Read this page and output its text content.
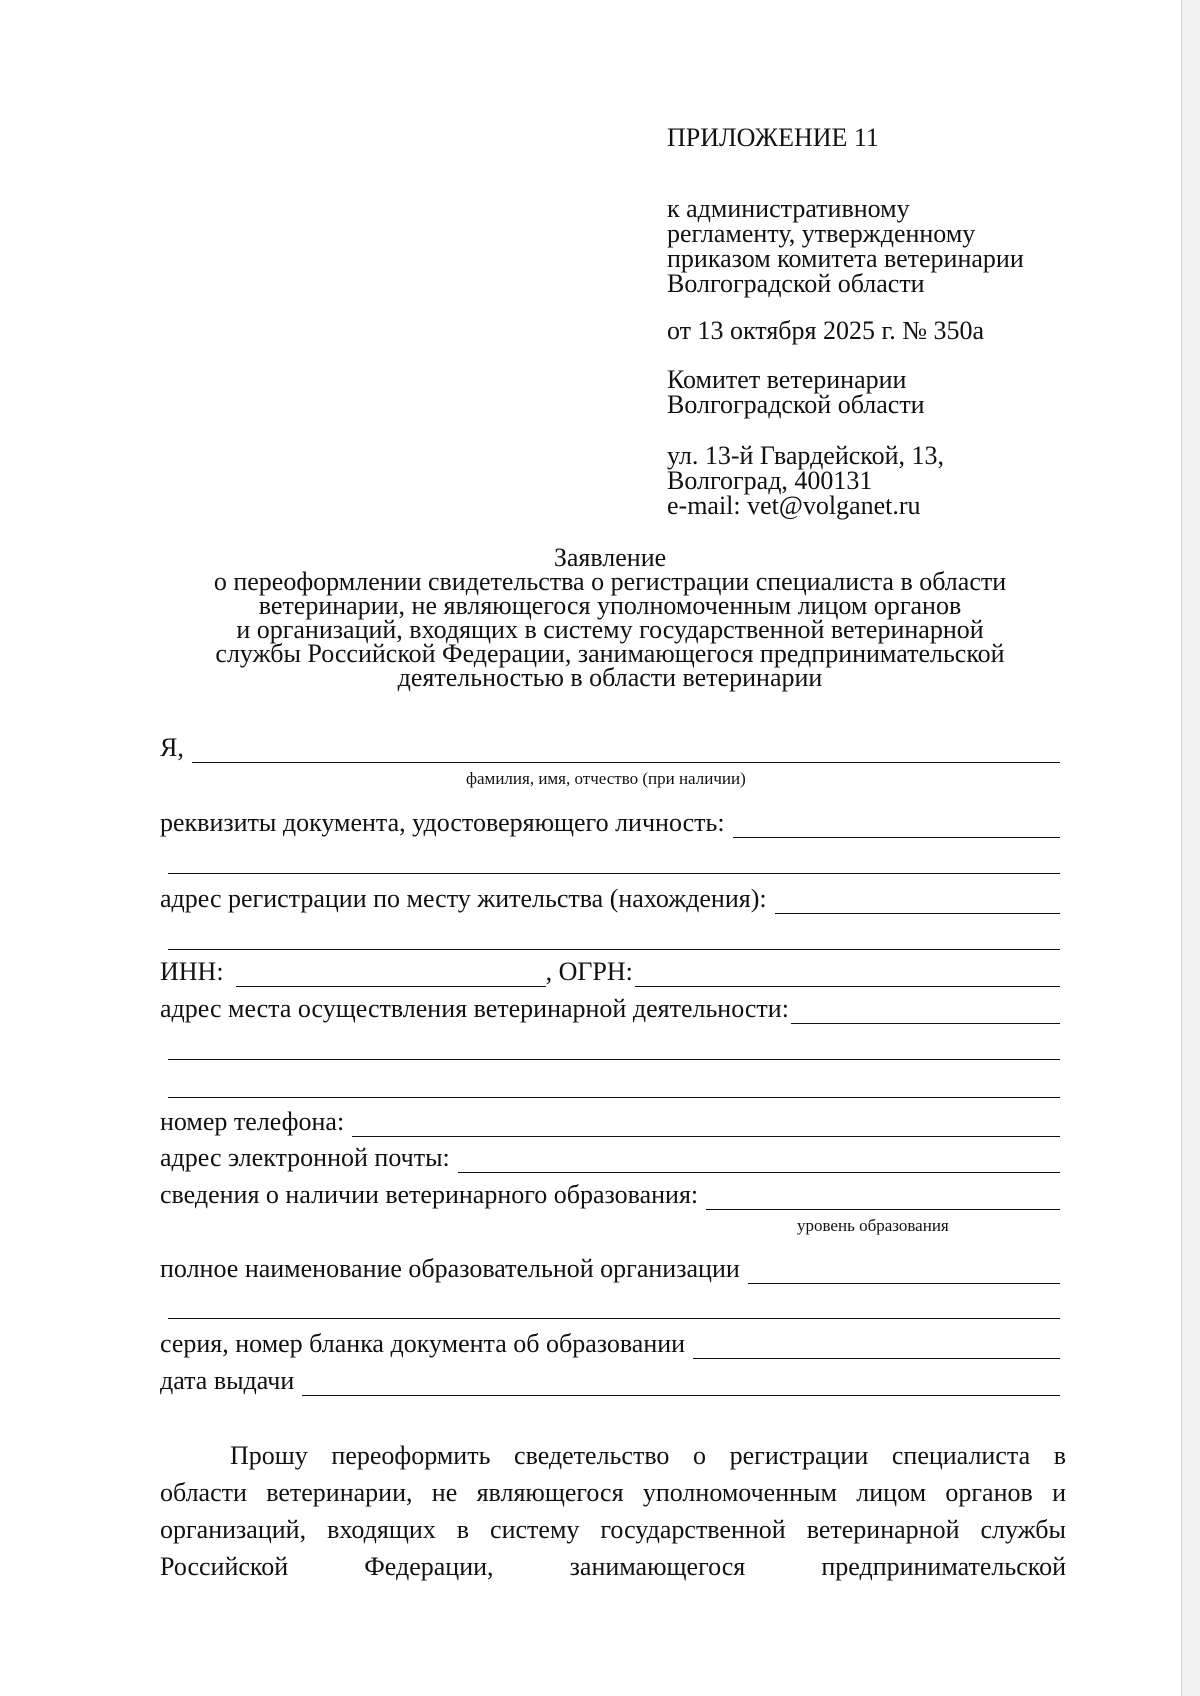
ПРИЛОЖЕНИЕ 11
к административному
регламенту, утвержденному
приказом комитета ветеринарии
Волгоградской области
от 13 октября 2025 г. № 350а
Комитет ветеринарии
Волгоградской области
ул. 13-й Гвардейской, 13,
Волгоград, 400131
e-mail: vet@volganet.ru
Заявление
о переоформлении свидетельства о регистрации специалиста в области
ветеринарии, не являющегося уполномоченным лицом органов
и организаций, входящих в систему государственной ветеринарной
службы Российской Федерации, занимающегося предпринимательской
деятельностью в области ветеринарии
Я,
фамилия, имя, отчество (при наличии)
реквизиты документа, удостоверяющего личность:
адрес регистрации по месту жительства (нахождения):
ИНН:	, ОГРН:
адрес места осуществления ветеринарной деятельности:
номер телефона:
адрес электронной почты:
сведения о наличии ветеринарного образования:
уровень образования
полное наименование образовательной организации
серия, номер бланка документа об образовании
дата выдачи
Прошу переоформить сведетельство о регистрации специалиста в
области ветеринарии, не являющегося уполномоченным лицом органов и
организаций, входящих в систему государственной ветеринарной службы
Российской Федерации, занимающегося предпринимательской
